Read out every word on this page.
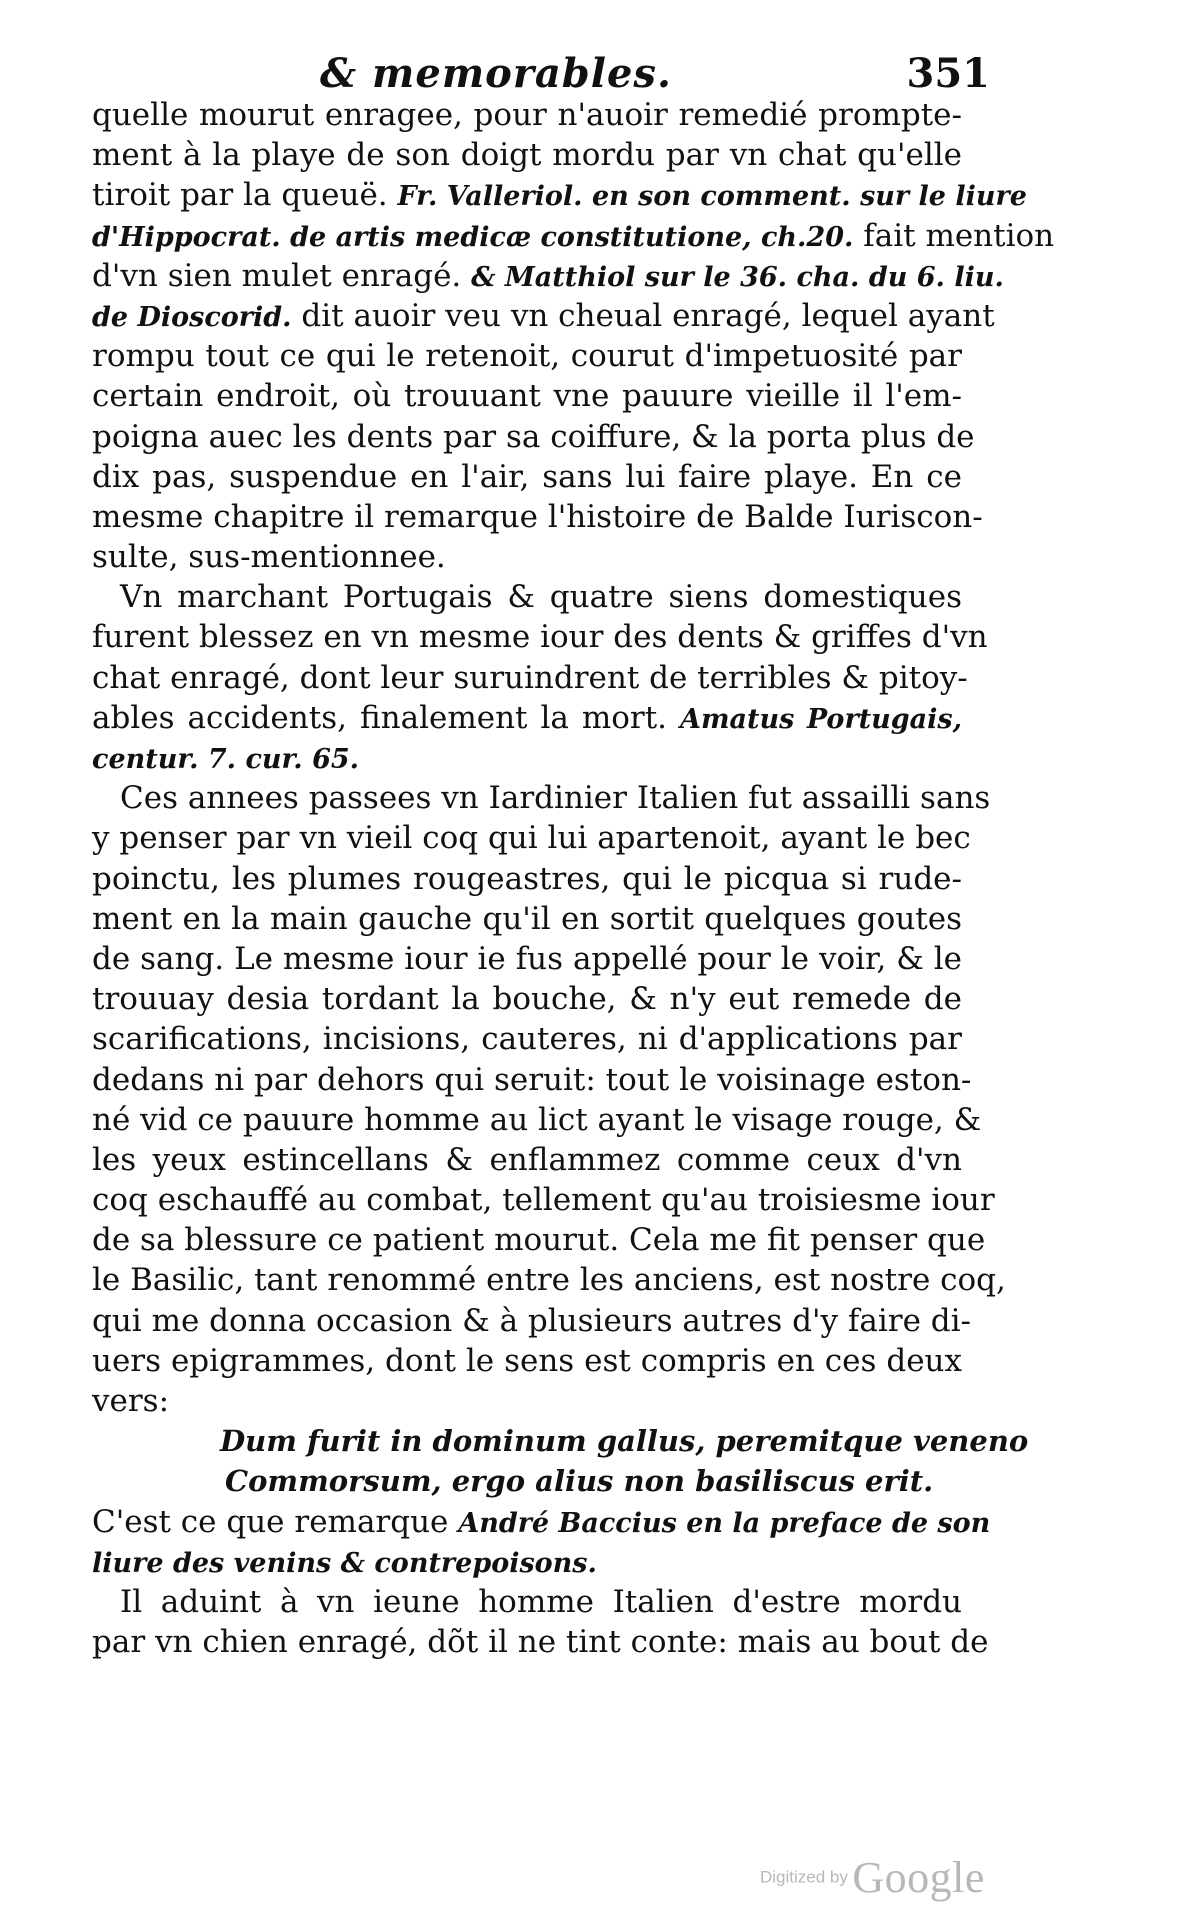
& memorables.	351
quelle mourut enragee, pour n'auoir remedié prompte-
ment à la playe de son doigt mordu par vn chat qu'elle
tiroit par la queuë. Fr. Valleriol. en son comment. sur le liure
d'Hippocrat. de artis medicæ constitutione, ch.20. fait mention
d'vn sien mulet enragé. & Matthiol sur le 36. cha. du 6. liu.
de Dioscorid. dit auoir veu vn cheual enragé, lequel ayant
rompu tout ce qui le retenoit, courut d'impetuosité par
certain endroit, où trouuant vne pauure vieille il l'em-
poigna auec les dents par sa coiffure, & la porta plus de
dix pas, suspendue en l'air, sans lui faire playe. En ce
mesme chapitre il remarque l'histoire de Balde Iuriscon-
sulte, sus-mentionnee.
Vn marchant Portugais & quatre siens domestiques
furent blessez en vn mesme iour des dents & griffes d'vn
chat enragé, dont leur suruindrent de terribles & pitoy-
ables accidents, finalement la mort. Amatus Portugais,
centur. 7. cur. 65.
Ces annees passees vn Iardinier Italien fut assailli sans
y penser par vn vieil coq qui lui apartenoit, ayant le bec
poinctu, les plumes rougeastres, qui le picqua si rude-
ment en la main gauche qu'il en sortit quelques goutes
de sang. Le mesme iour ie fus appellé pour le voir, & le
trouuay desia tordant la bouche, & n'y eut remede de
scarifications, incisions, cauteres, ni d'applications par
dedans ni par dehors qui seruit: tout le voisinage eston-
né vid ce pauure homme au lict ayant le visage rouge, &
les yeux estincellans & enflammez comme ceux d'vn
coq eschauffé au combat, tellement qu'au troisiesme iour
de sa blessure ce patient mourut. Cela me fit penser que
le Basilic, tant renommé entre les anciens, est nostre coq,
qui me donna occasion & à plusieurs autres d'y faire di-
uers epigrammes, dont le sens est compris en ces deux
vers:
Dum furit in dominum gallus, peremitque veneno
Commorsum, ergo alius non basiliscus erit.
C'est ce que remarque André Baccius en la preface de son
liure des venins & contrepoisons.
Il aduint à vn ieune homme Italien d'estre mordu
par vn chien enragé, dõt il ne tint conte: mais au bout de
Digitized by Google
